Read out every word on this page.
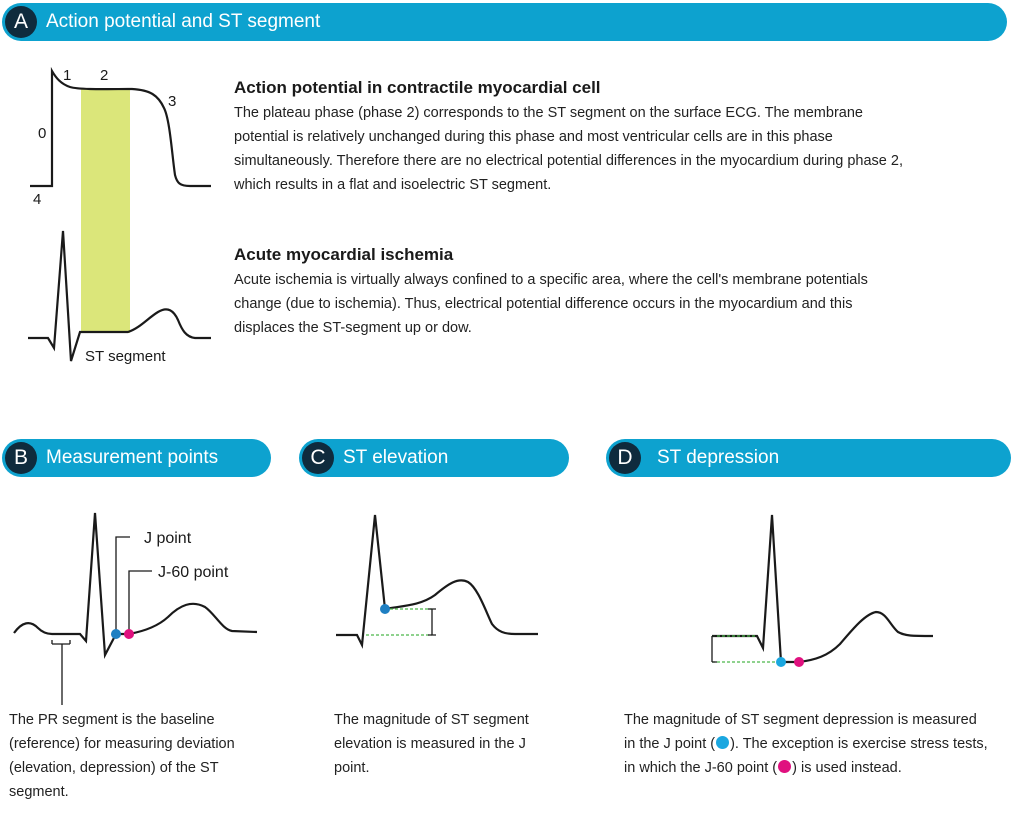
A Action potential and ST segment
0
1 2
3
4
ST segment
J point
J-60 point
Action potential in contractile myocardial cell
The plateau phase (phase 2) corresponds to the ST segment on the surface ECG. The membrane potential is relatively unchanged during this phase and most ventricular cells are in this phase simultaneously. Therefore there are no electrical potential differences in the myocardium during phase 2, which results in a flat and isoelectric ST segment.
Acute myocardial ischemia
Acute ischemia is virtually always confined to a specific area, where the cell's membrane potentials change (due to ischemia). Thus, electrical potential difference occurs in the myocardium and this displaces the ST-segment up or dow.
B Measurement points
The PR segment is the baseline (reference) for measuring deviation (elevation, depression) of the ST segment.
C ST elevation
The magnitude of ST segment elevation is measured in the J point.
D	ST depression
The magnitude of ST segment depression is measured in the J point ( ). The exception is exercise stress tests, in which the J-60 point ( ) is used instead.
